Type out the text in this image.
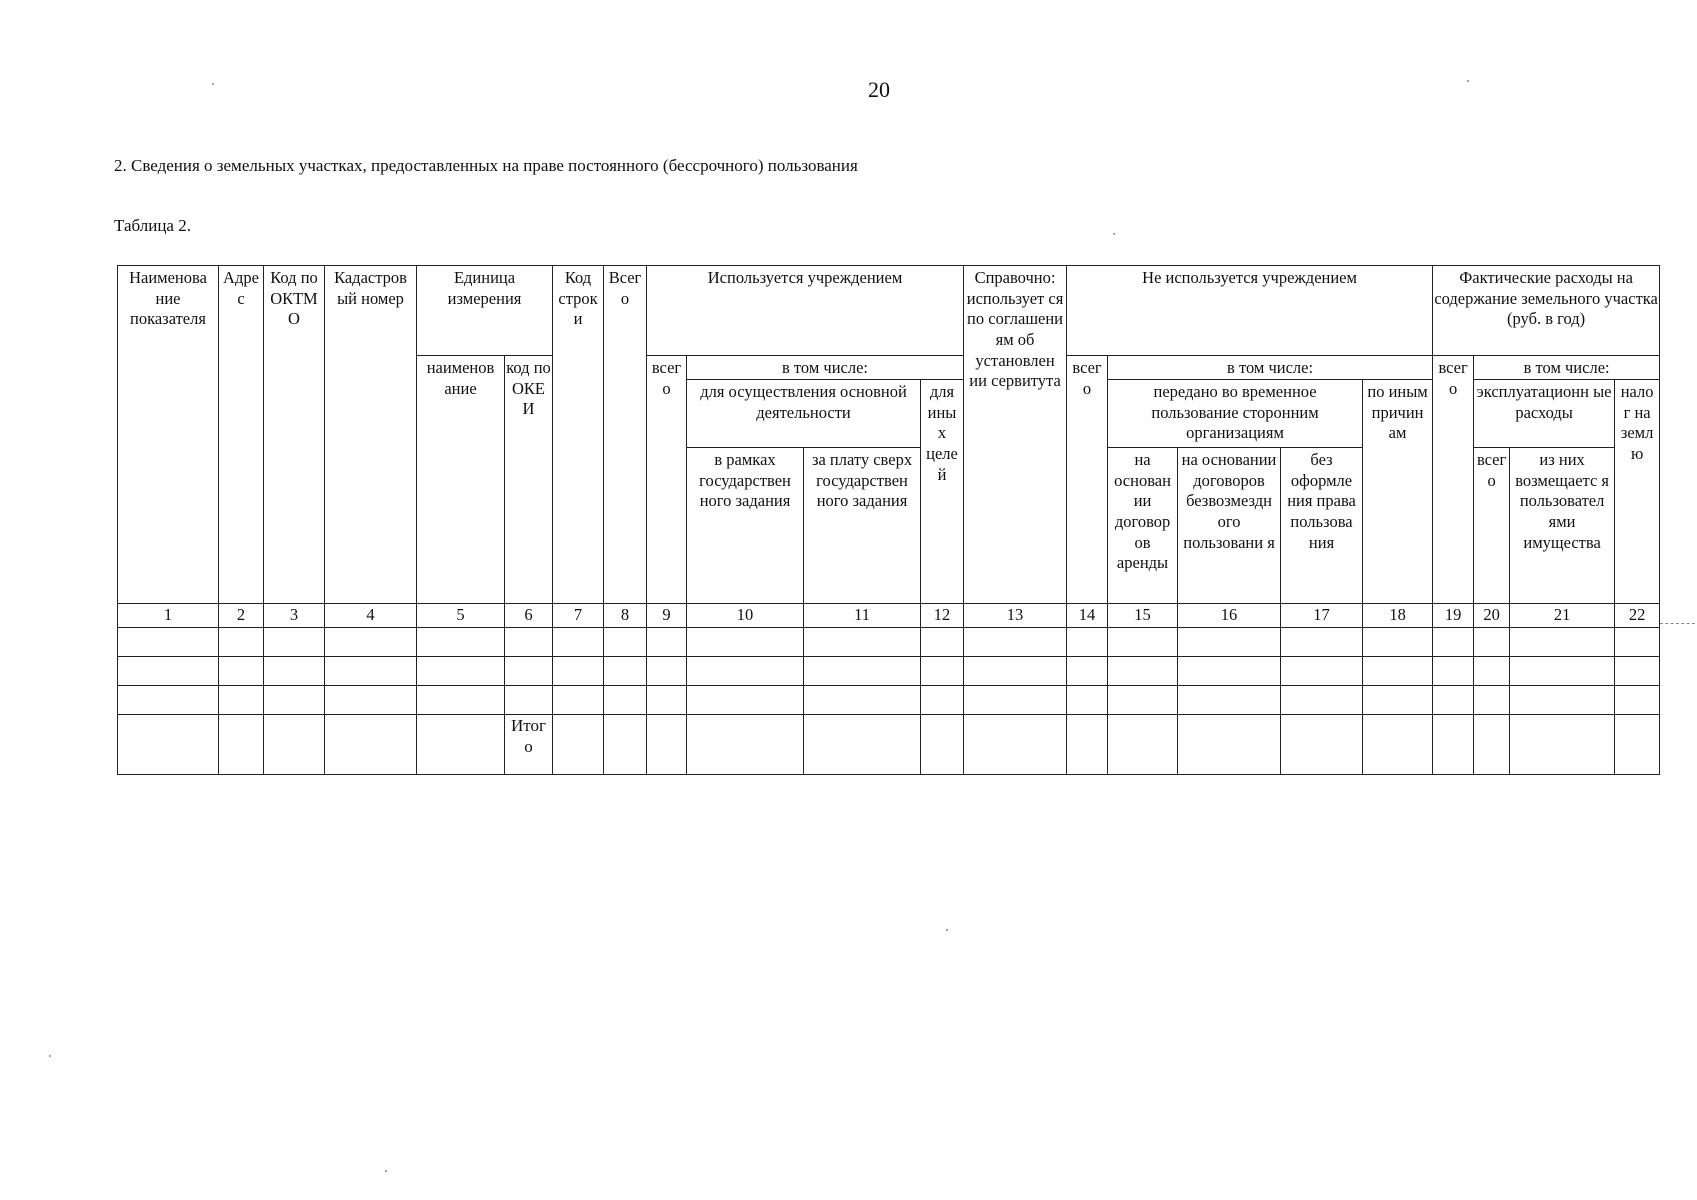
20
2. Сведения о земельных участках, предоставленных на праве постоянного (бессрочного) пользования
Таблица 2.
Наименова ние показателя	Адре с	Код по ОКТМ О	Кадастров ый номер	Единица измерения		Код строк и	Всег о	Используется учреждением				Справочно: использует ся по соглашени ям об установлен ии сервитута	Не используется учреждением					Фактические расходы на содержание земельного участка (руб. в год)			
				наименов ание	код по ОКЕ И			всег о	в том числе:				всег о	в том числе:				всег о	в том числе:		
									для осуществления основной деятельности		для ины х целе й			передано во временное пользование сторонним организациям			по иным причин ам		эксплуатационн ые расходы		нало г на земл ю
									в рамках государствен ного задания	за плату сверх государствен ного задания				на основан ии договор ов аренды	на основании договоров безвозмездн ого пользовани я	без оформле ния права пользова ния			всег о	из них возмещаетс я пользовател ями имущества	
1	2	3	4	5	6	7	8	9	10	11	12	13	14	15	16	17	18	19	20	21	22

					Итог о																
